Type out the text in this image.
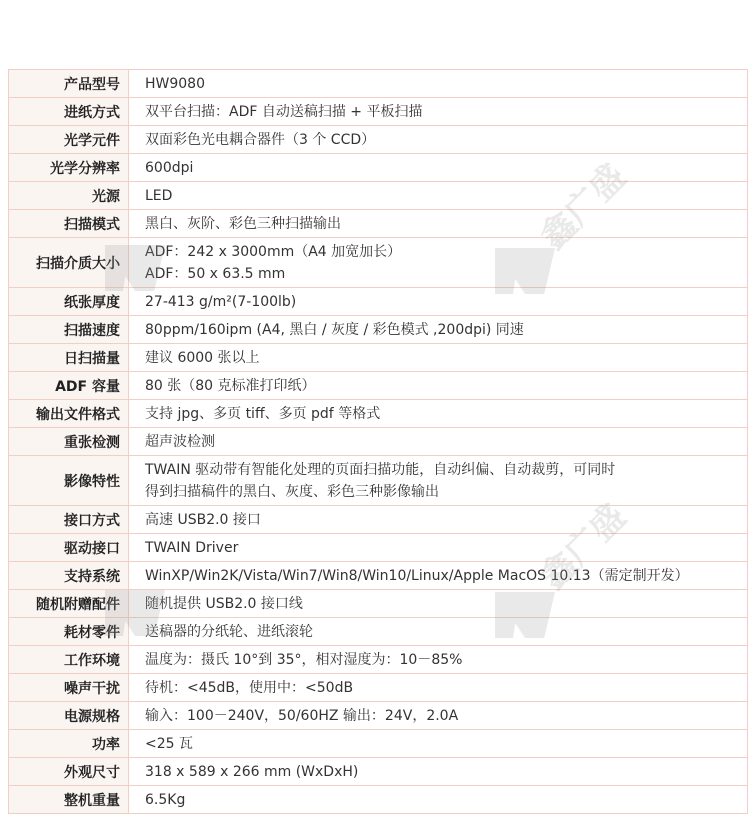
产品型号	HW9080

进纸方式	双平台扫描：ADF 自动送稿扫描 + 平板扫描

光学元件	双面彩色光电耦合器件（3 个 CCD）

光学分辨率	600dpi

光源	LED

扫描模式	黑白、灰阶、彩色三种扫描输出

扫描介质大小	ADF：242 x 3000mm（A4 加宽加长）
ADF：50 x 63.5 mm

纸张厚度	27-413 g/m²(7-100lb)

扫描速度	80ppm/160ipm (A4, 黑白 / 灰度 / 彩色模式 ,200dpi) 同速

日扫描量	建议 6000 张以上

ADF 容量	80 张（80 克标准打印纸）

输出文件格式	支持 jpg、多页 tiff、多页 pdf 等格式

重张检测	超声波检测

影像特性	TWAIN 驱动带有智能化处理的页面扫描功能，自动纠偏、自动裁剪，可同时
得到扫描稿件的黑白、灰度、彩色三种影像输出

接口方式	高速 USB2.0 接口

驱动接口	TWAIN Driver

支持系统	WinXP/Win2K/Vista/Win7/Win8/Win10/Linux/Apple MacOS 10.13（需定制开发）

随机附赠配件	随机提供 USB2.0 接口线

耗材零件	送稿器的分纸轮、进纸滚轮

工作环境	温度为：摄氏 10°到 35°，相对湿度为：10－85%

噪声干扰	待机：<45dB，使用中：<50dB

电源规格	输入：100－240V，50/60HZ 输出：24V，2.0A

功率	<25 瓦

外观尺寸	318 x 589 x 266 mm (WxDxH)

整机重量	6.5Kg
鑫广盛
鑫广盛
